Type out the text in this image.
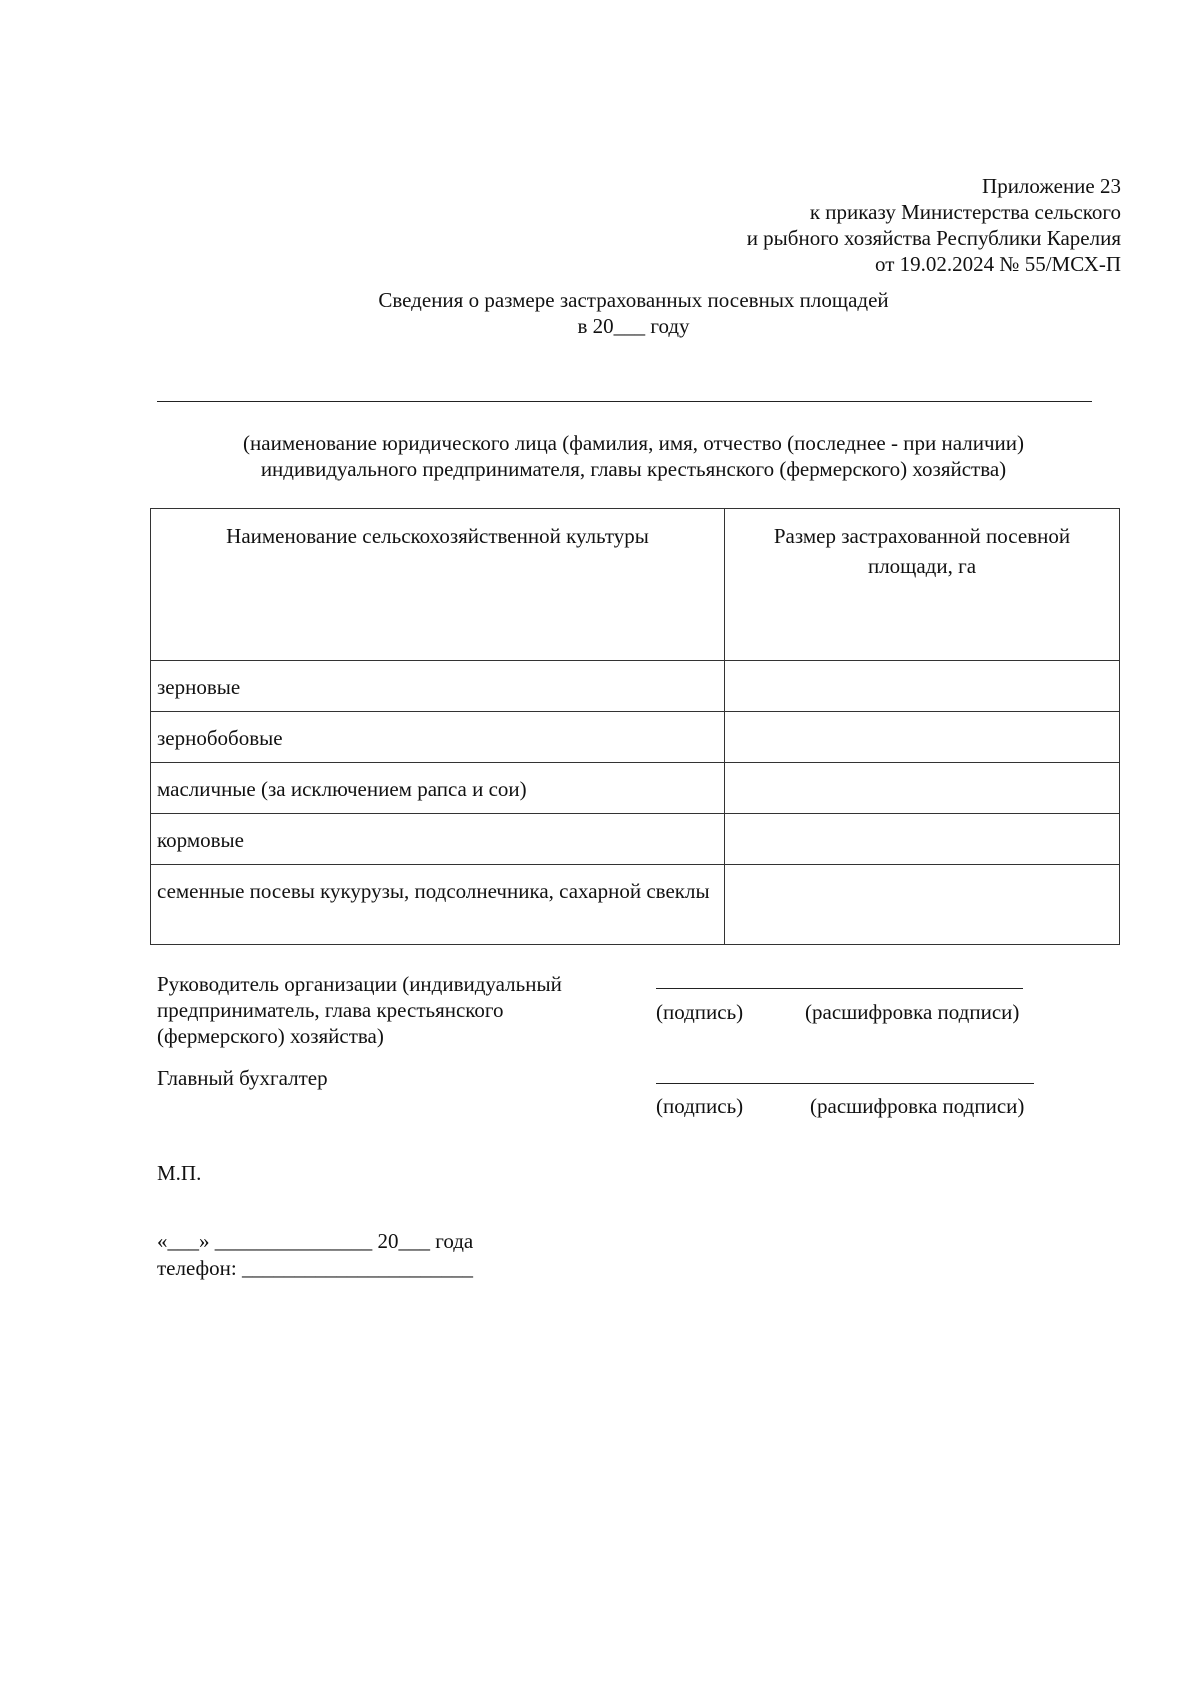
Приложение 23
к приказу Министерства сельского
и рыбного хозяйства Республики Карелия
от 19.02.2024 № 55/МСХ-П
Сведения о размере застрахованных посевных площадей
в 20___ году
(наименование юридического лица (фамилия, имя, отчество (последнее - при наличии)
индивидуального предпринимателя, главы крестьянского (фермерского) хозяйства)
Наименование сельскохозяйственной культуры	Размер застрахованной посевной площади, га

зерновые	
зернобобовые	
масличные (за исключением рапса и сои)	
кормовые	
семенные посевы кукурузы, подсолнечника, сахарной свеклы	
Руководитель организации (индивидуальный
предприниматель, глава крестьянского
(фермерского) хозяйства)
(подпись)	(расшифровка подписи)
Главный бухгалтер
(подпись)	(расшифровка подписи)
М.П.
«___» _______________ 20___ года
телефон: ______________________
